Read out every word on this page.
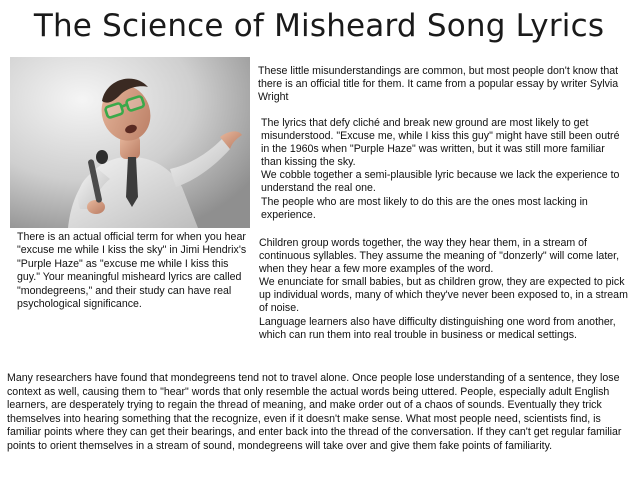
The Science of Misheard Song Lyrics

These little misunderstandings are common, but most people don't know that there is an official title for them. It came from a popular essay by writer Sylvia Wright

The lyrics that defy cliché and break new ground are most likely to get misunderstood. "Excuse me, while I kiss this guy" might have still been outré in the 1960s when "Purple Haze" was written, but it was still more familiar than kissing the sky.

We cobble together a semi-plausible lyric because we lack the experience to understand the real one.

The people who are most likely to do this are the ones most lacking in experience.

There is an actual official term for when you hear "excuse me while I kiss the sky" in Jimi Hendrix's "Purple Haze" as "excuse me while I kiss this guy." Your meaningful misheard lyrics are called "mondegreens," and their study can have real psychological significance.

Children group words together, the way they hear them, in a stream of continuous syllables. They assume the meaning of "donzerly" will come later, when they hear a few more examples of the word.

We enunciate for small babies, but as children grow, they are expected to pick up individual words, many of which they've never been exposed to, in a stream of noise.

Language learners also have difficulty distinguishing one word from another, which can run them into real trouble in business or medical settings.

Many researchers have found that mondegreens tend not to travel alone. Once people lose understanding of a sentence, they lose context as well, causing them to "hear" words that only resemble the actual words being uttered. People, especially adult English learners, are desperately trying to regain the thread of meaning, and make order out of a chaos of sounds. Eventually they trick themselves into hearing something that the recognize, even if it doesn't make sense. What most people need, scientists find, is familiar points where they can get their bearings, and enter back into the thread of the conversation. If they can't get regular familiar points to orient themselves in a stream of sound, mondegreens will take over and give them fake points of familiarity.
